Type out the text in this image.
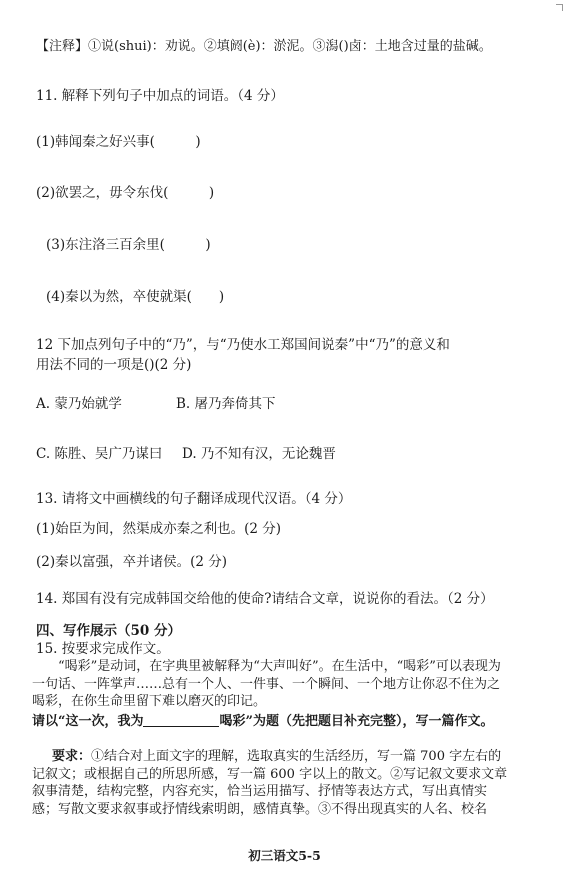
【注释】①说(shui)：劝说。②填阏(è)：淤泥。③潟()卤：土地含过量的盐碱。
11. 解释下列句子中加点的词语。（4 分）
(1)韩闻秦之好兴事(　　　)
(2)欲罢之，毋令东伐(　　　)
(3)东注洛三百余里(　　　)
(4)秦以为然，卒使就渠(　　)
12 下加点列句子中的“乃”，与“乃使水工郑国间说秦”中“乃”的意义和
用法不同的一项是()(2 分)
A. 蒙乃始就学	B. 屠乃奔倚其下
C. 陈胜、吴广乃谋曰 D. 乃不知有汉，无论魏晋
13. 请将文中画横线的句子翻译成现代汉语。（4 分）
(1)始臣为间，然渠成亦秦之利也。(2 分)
(2)秦以富强，卒并诸侯。(2 分)
14. 郑国有没有完成韩国交给他的使命?请结合文章，说说你的看法。（2 分）
四、写作展示（50 分）
15. 按要求完成作文。
“喝彩”是动词，在字典里被解释为“大声叫好”。在生活中，“喝彩”可以表现为一句话、一阵掌声……总有一个人、一件事、一个瞬间、一个地方让你忍不住为之喝彩，在你生命里留下难以磨灭的印记。
请以“这一次，我为	喝彩”为题（先把题目补充完整），写一篇作文。
要求：①结合对上面文字的理解，选取真实的生活经历，写一篇 700 字左右的记叙文；或根据自己的所思所感，写一篇 600 字以上的散文。②写记叙文要求文章叙事清楚，结构完整，内容充实，恰当运用描写、抒情等表达方式，写出真情实感；写散文要求叙事或抒情线索明朗，感情真挚。③不得出现真实的人名、校名
初三语文5-5
